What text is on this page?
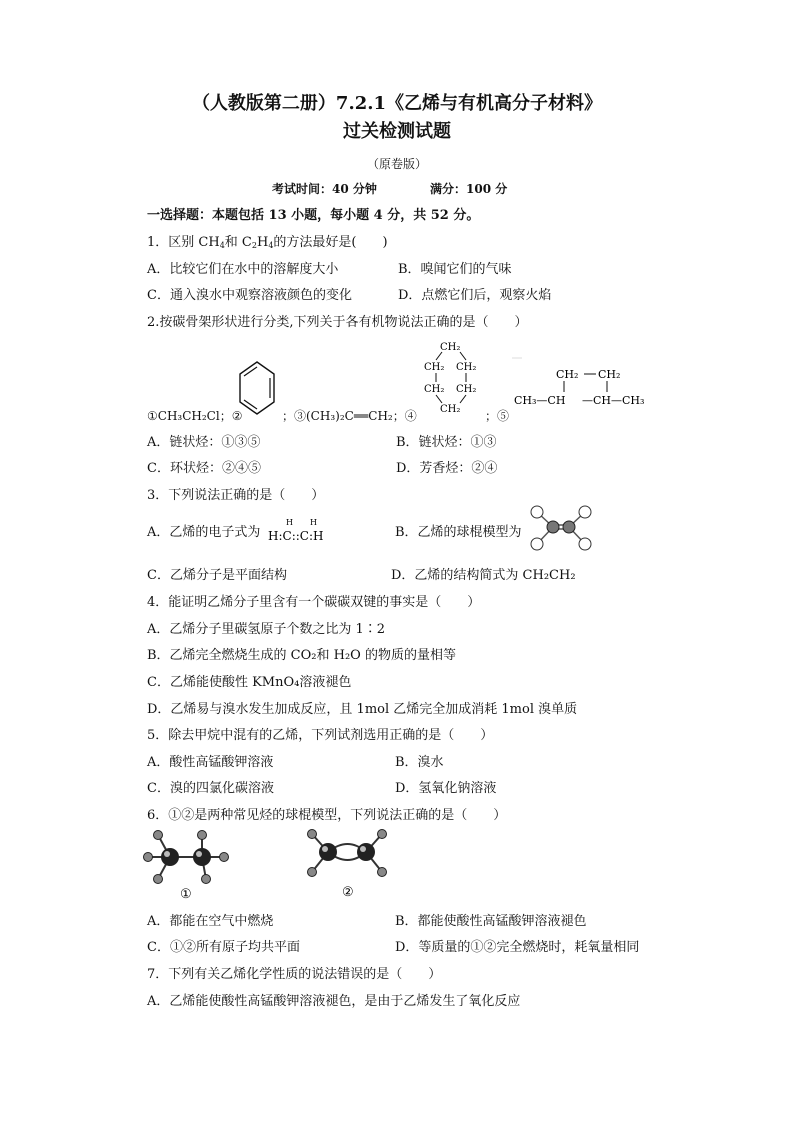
（人教版第二册）7.2.1《乙烯与有机高分子材料》
过关检测试题
（原卷版）
考试时间：40 分钟	满分：100 分
一选择题：本题包括 13 小题，每小题 4 分，共 52 分。
1．区别 $CH_4$和 $C_2H_4$的方法最好是(　　)
A．比较它们在水中的溶解度大小	B．嗅闻它们的气味
C．通入溴水中观察溶液颜色的变化	D．点燃它们后，观察火焰
2.按碳骨架形状进行分类,下列关于各有机物说法正确的是（　　）
CH₂
CH₂ CH₂
CH₂ CH₂
CH₂
CH₂ CH₂
CH₃—CH —CH—CH₃
①CH₃CH₂Cl；②	；③(CH₃)₂C══CH₂；④	；⑤
A．链状烃：①③⑤	B．链状烃：①③
C．环状烃：②④⑤	D．芳香烃：②④
3．下列说法正确的是（　　）
A．乙烯的电子式为
H H
H:C::C:H	B．乙烯的球棍模型为
C．乙烯分子是平面结构	D．乙烯的结构简式为 CH₂CH₂
4．能证明乙烯分子里含有一个碳碳双键的事实是（　　）
A．乙烯分子里碳氢原子个数之比为 1∶2
B．乙烯完全燃烧生成的 CO₂和 H₂O 的物质的量相等
C．乙烯能使酸性 KMnO₄溶液褪色
D．乙烯易与溴水发生加成反应，且 1mol 乙烯完全加成消耗 1mol 溴单质
5．除去甲烷中混有的乙烯，下列试剂选用正确的是（　　）
A．酸性高锰酸钾溶液	B．溴水
C．溴的四氯化碳溶液	D．氢氧化钠溶液
6．①②是两种常见烃的球棍模型，下列说法正确的是（　　）
①	②
A．都能在空气中燃烧	B．都能使酸性高锰酸钾溶液褪色
C．①②所有原子均共平面	D．等质量的①②完全燃烧时，耗氧量相同
7．下列有关乙烯化学性质的说法错误的是（　　）
A．乙烯能使酸性高锰酸钾溶液褪色，是由于乙烯发生了氧化反应
